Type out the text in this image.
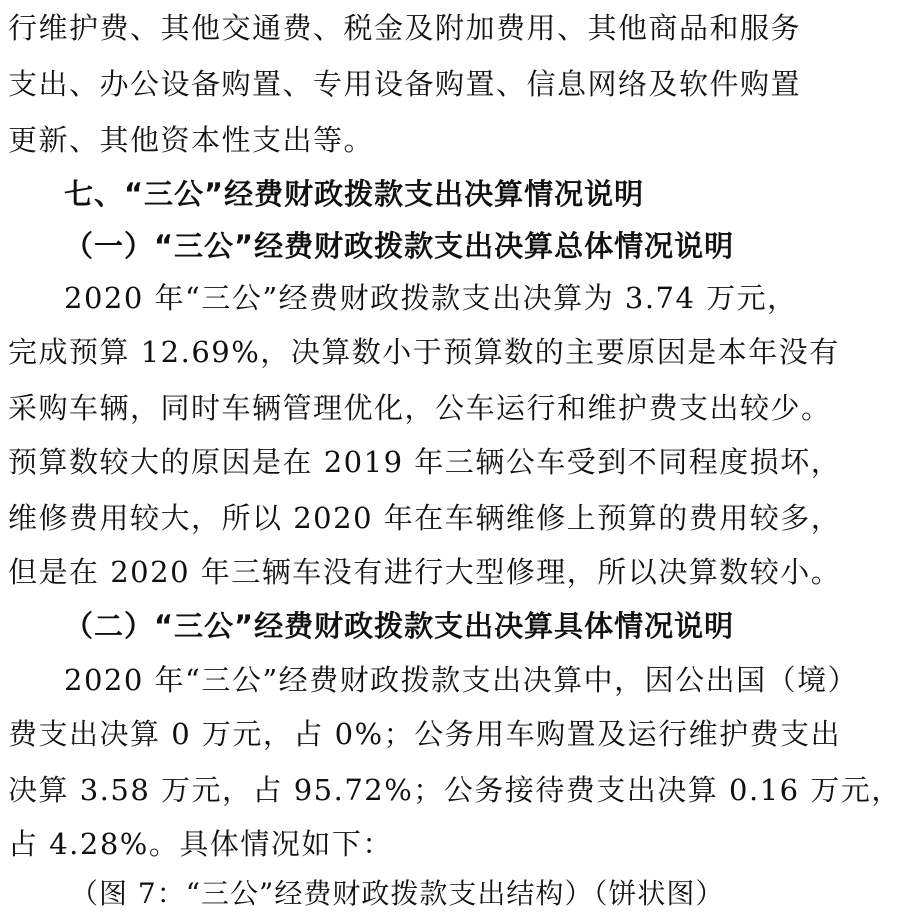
行维护费、其他交通费、税金及附加费用、其他商品和服务
支出、办公设备购置、专用设备购置、信息网络及软件购置
更新、其他资本性支出等。
七、“三公”经费财政拨款支出决算情况说明
（一）“三公”经费财政拨款支出决算总体情况说明
2020 年“三公”经费财政拨款支出决算为 3.74 万元，
完成预算 12.69%，决算数小于预算数的主要原因是本年没有
采购车辆，同时车辆管理优化，公车运行和维护费支出较少。
预算数较大的原因是在 2019 年三辆公车受到不同程度损坏，
维修费用较大，所以 2020 年在车辆维修上预算的费用较多，
但是在 2020 年三辆车没有进行大型修理，所以决算数较小。
（二）“三公”经费财政拨款支出决算具体情况说明
2020 年“三公”经费财政拨款支出决算中，因公出国（境）
费支出决算 0 万元，占 0%；公务用车购置及运行维护费支出
决算 3.58 万元，占 95.72%；公务接待费支出决算 0.16 万元，
占 4.28%。具体情况如下：
（图 7：“三公”经费财政拨款支出结构）（饼状图）
